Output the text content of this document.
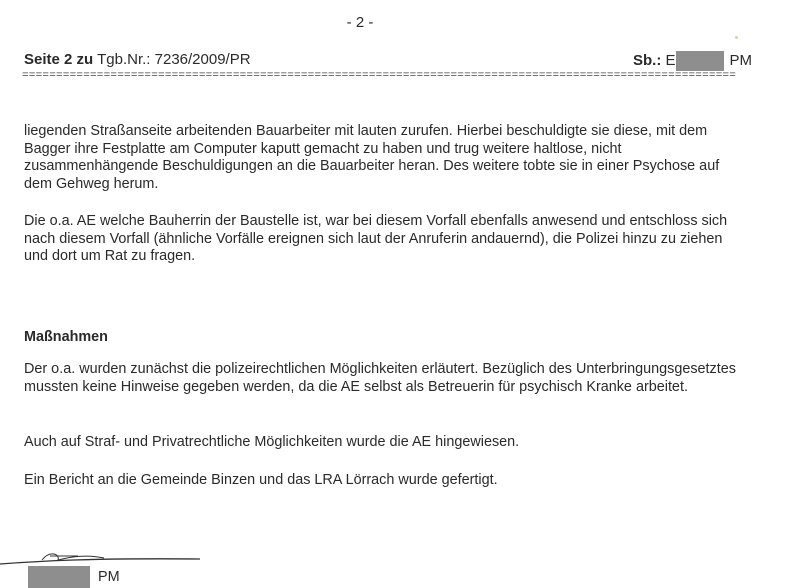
- 2 -
Seite 2 zu Tgb.Nr.: 7236/2009/PR	Sb.: E	PM
=========================================================================================================
liegenden Straßanseite arbeitenden Bauarbeiter mit lauten zurufen. Hierbei beschuldigte sie diese, mit dem Bagger ihre Festplatte am Computer kaputt gemacht zu haben und trug weitere haltlose, nicht zusammenhängende Beschuldigungen an die Bauarbeiter heran. Des weitere tobte sie in einer Psychose auf dem Gehweg herum.
Die o.a. AE welche Bauherrin der Baustelle ist, war bei diesem Vorfall ebenfalls anwesend und entschloss sich nach diesem Vorfall (ähnliche Vorfälle ereignen sich laut der Anruferin andauernd), die Polizei hinzu zu ziehen und dort um Rat zu fragen.
Maßnahmen
Der o.a. wurden zunächst die polizeirechtlichen Möglichkeiten erläutert. Bezüglich des Unterbringungsgesetztes mussten keine Hinweise gegeben werden, da die AE selbst als Betreuerin für psychisch Kranke arbeitet.
Auch auf Straf- und Privatrechtliche Möglichkeiten wurde die AE hingewiesen.
Ein Bericht an die Gemeinde Binzen und das LRA Lörrach wurde gefertigt.
PM
